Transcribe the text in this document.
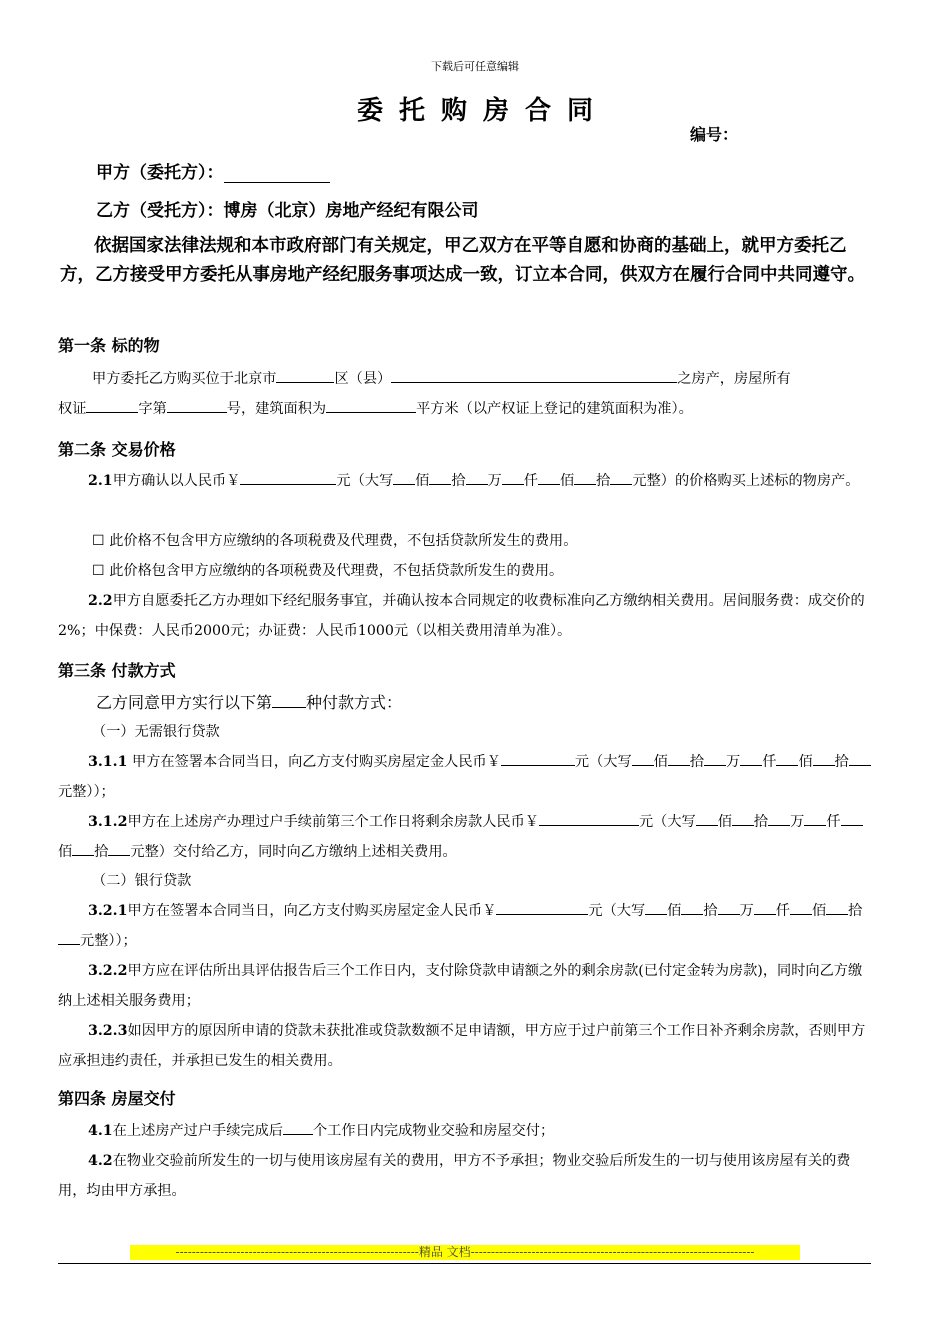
下载后可任意编辑
委托购房合同
编号：
甲方（委托方）：
乙方（受托方）：博房（北京）房地产经纪有限公司
依据国家法律法规和本市政府部门有关规定，甲乙双方在平等自愿和协商的基础上，就甲方委托乙方，乙方接受甲方委托从事房地产经纪服务事项达成一致，订立本合同，供双方在履行合同中共同遵守。
第一条 标的物
甲方委托乙方购买位于北京市	区（县）	之房产，房屋所有
权证	字第	号，建筑面积为	平方米（以产权证上登记的建筑面积为准）。
第二条 交易价格
2.1甲方确认以人民币￥	元（大写 佰 拾 万 仟 佰 拾 元整）的价格购买上述标的物房产。
☐ 此价格不包含甲方应缴纳的各项税费及代理费，不包括贷款所发生的费用。
☐ 此价格包含甲方应缴纳的各项税费及代理费，不包括贷款所发生的费用。
2.2甲方自愿委托乙方办理如下经纪服务事宜，并确认按本合同规定的收费标准向乙方缴纳相关费用。居间服务费：成交价的2%；中保费：人民币2000元；办证费：人民币1000元（以相关费用清单为准）。
第三条 付款方式
乙方同意甲方实行以下第 种付款方式：
（一）无需银行贷款
3.1.1 甲方在签署本合同当日，向乙方支付购买房屋定金人民币￥	元（大写 佰 拾 万 仟 佰 拾元整））；
3.1.2甲方在上述房产办理过户手续前第三个工作日将剩余房款人民币￥	元（大写 佰 拾 万 仟佰 拾 元整）交付给乙方，同时向乙方缴纳上述相关费用。
（二）银行贷款
3.2.1甲方在签署本合同当日，向乙方支付购买房屋定金人民币￥	元（大写 佰 拾 万 仟 佰 拾元整））；
3.2.2甲方应在评估所出具评估报告后三个工作日内，支付除贷款申请额之外的剩余房款(已付定金转为房款)，同时向乙方缴纳上述相关服务费用；
3.2.3如因甲方的原因所申请的贷款未获批准或贷款数额不足申请额，甲方应于过户前第三个工作日补齐剩余房款，否则甲方应承担违约责任，并承担已发生的相关费用。
第四条 房屋交付
4.1在上述房产过户手续完成后 个工作日内完成物业交验和房屋交付；
4.2在物业交验前所发生的一切与使用该房屋有关的费用，甲方不予承担；物业交验后所发生的一切与使用该房屋有关的费用，均由甲方承担。
------------------------------------------------------------精品 文档----------------------------------------------------------------------
